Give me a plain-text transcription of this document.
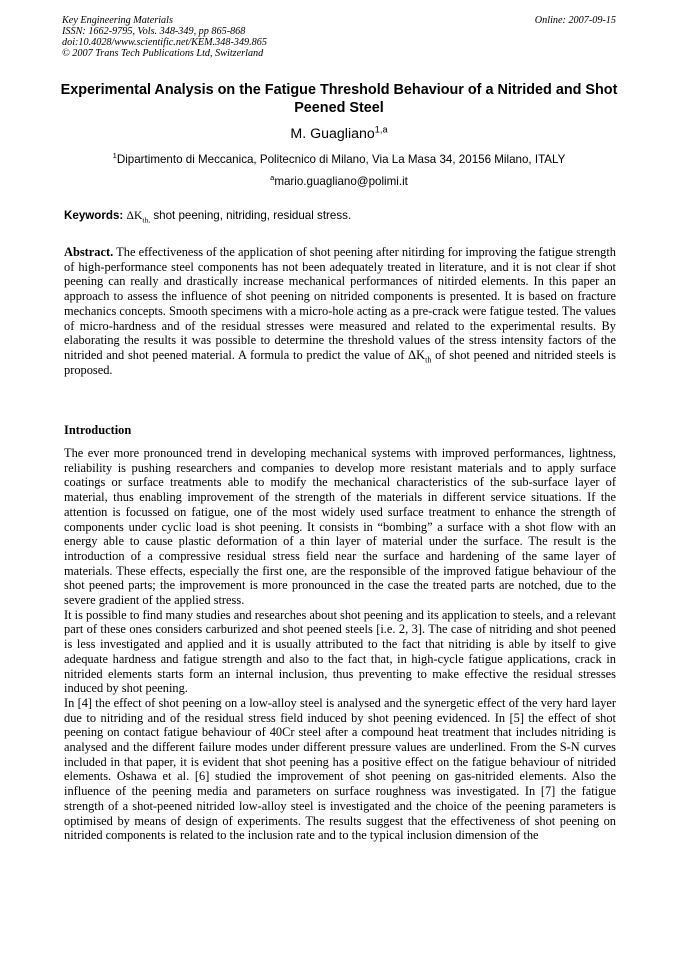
Key Engineering Materials
ISSN: 1662-9795, Vols. 348-349, pp 865-868
doi:10.4028/www.scientific.net/KEM.348-349.865
© 2007 Trans Tech Publications Ltd, Switzerland
Online: 2007-09-15
Experimental Analysis on the Fatigue Threshold Behaviour of a Nitrided and Shot Peened Steel
M. Guagliano$^{1,a}$
$^1$Dipartimento di Meccanica, Politecnico di Milano, Via La Masa 34, 20156 Milano, ITALY
$^a$mario.guagliano@polimi.it
Keywords: $\Delta K_{th,}$ shot peening, nitriding, residual stress.
Abstract. The effectiveness of the application of shot peening after nitirding for improving the fatigue strength of high-performance steel components has not been adequately treated in literature, and it is not clear if shot peening can really and drastically increase mechanical performances of nitirded elements. In this paper an approach to assess the influence of shot peening on nitrided components is presented. It is based on fracture mechanics concepts. Smooth specimens with a micro-hole acting as a pre-crack were fatigue tested. The values of micro-hardness and of the residual stresses were measured and related to the experimental results. By elaborating the results it was possible to determine the threshold values of the stress intensity factors of the nitrided and shot peened material. A formula to predict the value of $\Delta K_{th}$ of shot peened and nitrided steels is proposed.
Introduction

The ever more pronounced trend in developing mechanical systems with improved performances, lightness, reliability is pushing researchers and companies to develop more resistant materials and to apply surface coatings or surface treatments able to modify the mechanical characteristics of the sub-surface layer of material, thus enabling improvement of the strength of the materials in different service situations. If the attention is focussed on fatigue, one of the most widely used surface treatment to enhance the strength of components under cyclic load is shot peening. It consists in “bombing” a surface with a shot flow with an energy able to cause plastic deformation of a thin layer of material under the surface. The result is the introduction of a compressive residual stress field near the surface and hardening of the same layer of materials. These effects, especially the first one, are the responsible of the improved fatigue behaviour of the shot peened parts; the improvement is more pronounced in the case the treated parts are notched, due to the severe gradient of the applied stress.

It is possible to find many studies and researches about shot peening and its application to steels, and a relevant part of these ones considers carburized and shot peened steels [i.e. 2, 3]. The case of nitriding and shot peened is less investigated and applied and it is usually attributed to the fact that nitriding is able by itself to give adequate hardness and fatigue strength and also to the fact that, in high-cycle fatigue applications, crack in nitrided elements starts form an internal inclusion, thus preventing to make effective the residual stresses induced by shot peening.

In [4] the effect of shot peening on a low-alloy steel is analysed and the synergetic effect of the very hard layer due to nitriding and of the residual stress field induced by shot peening evidenced. In [5] the effect of shot peening on contact fatigue behaviour of 40Cr steel after a compound heat treatment that includes nitriding is analysed and the different failure modes under different pressure values are underlined. From the S-N curves included in that paper, it is evident that shot peening has a positive effect on the fatigue behaviour of nitrided elements. Oshawa et al. [6] studied the improvement of shot peening on gas-nitrided elements. Also the influence of the peening media and parameters on surface roughness was investigated. In [7] the fatigue strength of a shot-peened nitrided low-alloy steel is investigated and the choice of the peening parameters is optimised by means of design of experiments. The results suggest that the effectiveness of shot peening on nitrided components is related to the inclusion rate and to the typical inclusion dimension of the
